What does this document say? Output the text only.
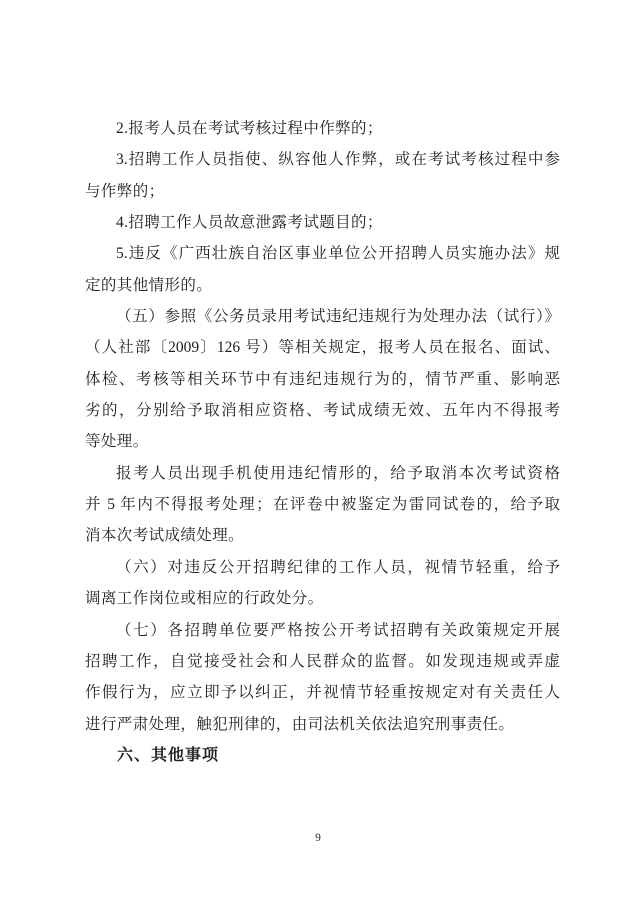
2.报考人员在考试考核过程中作弊的；
3.招聘工作人员指使、纵容他人作弊，或在考试考核过程中参
与作弊的；
4.招聘工作人员故意泄露考试题目的；
5.违反《广西壮族自治区事业单位公开招聘人员实施办法》规
定的其他情形的。
（五）参照《公务员录用考试违纪违规行为处理办法（试行）》
（人社部〔2009〕126 号）等相关规定，报考人员在报名、面试、
体检、考核等相关环节中有违纪违规行为的，情节严重、影响恶
劣的，分别给予取消相应资格、考试成绩无效、五年内不得报考
等处理。
报考人员出现手机使用违纪情形的，给予取消本次考试资格
并 5 年内不得报考处理；在评卷中被鉴定为雷同试卷的，给予取
消本次考试成绩处理。
（六）对违反公开招聘纪律的工作人员，视情节轻重，给予
调离工作岗位或相应的行政处分。
（七）各招聘单位要严格按公开考试招聘有关政策规定开展
招聘工作，自觉接受社会和人民群众的监督。如发现违规或弄虚
作假行为，应立即予以纠正，并视情节轻重按规定对有关责任人
进行严肃处理，触犯刑律的，由司法机关依法追究刑事责任。
六、其他事项
9
